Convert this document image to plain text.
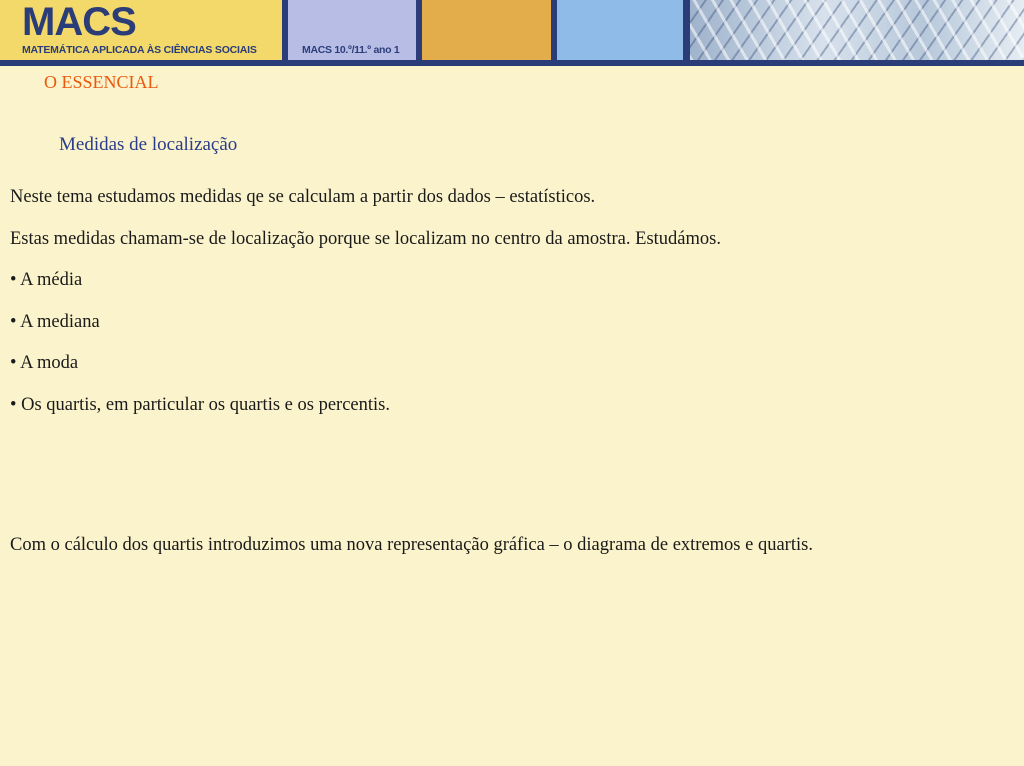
MACS
MATEMÁTICA APLICADA ÀS CIÊNCIAS SOCIAIS	MACS 10.º/11.º ano 1
O ESSENCIAL
Medidas de localização

Neste tema estudamos medidas qe se calculam a partir dos dados – estatísticos.

Estas medidas chamam-se de localização porque se localizam no centro da amostra. Estudámos.

• A média

• A mediana

• A moda

• Os quartis, em particular os quartis e os percentis.

Com o cálculo dos quartis introduzimos uma nova representação gráfica – o diagrama de extremos e quartis.
